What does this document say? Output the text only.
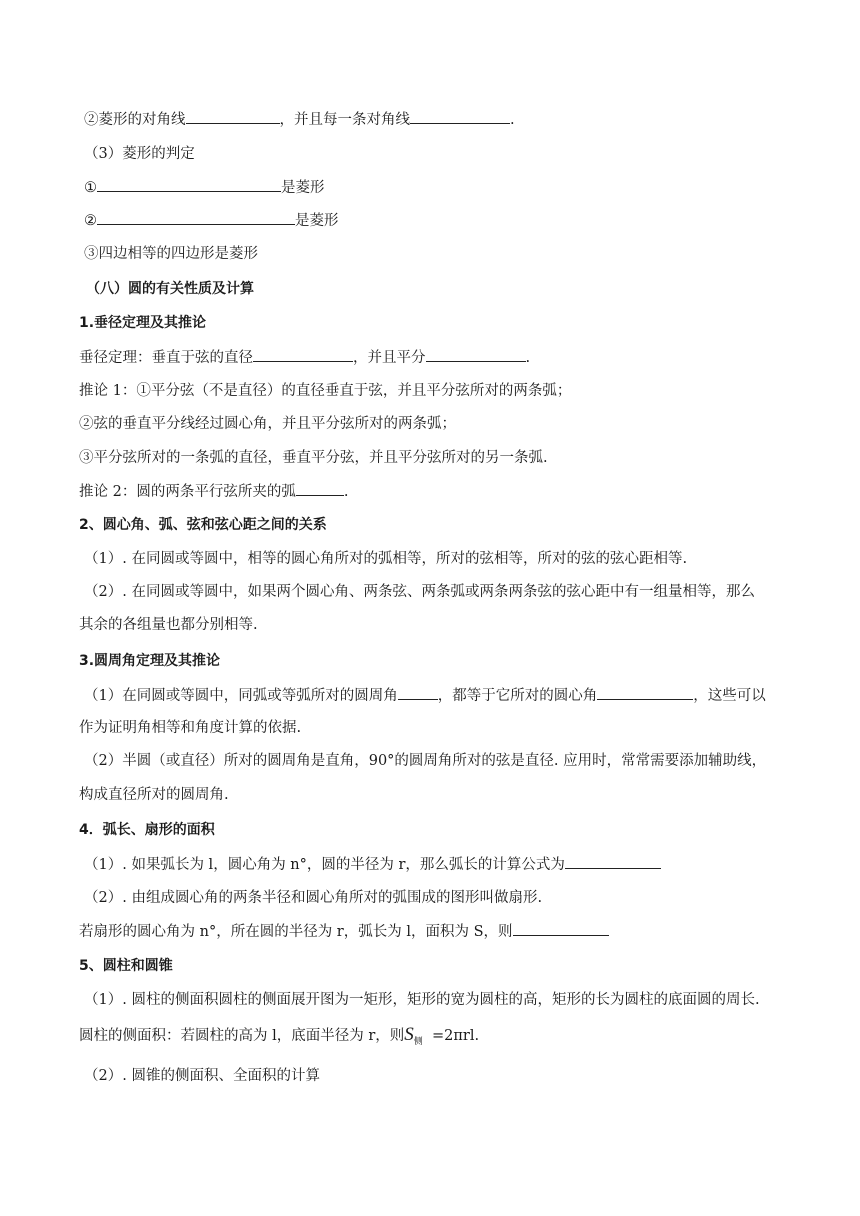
②菱形的对角线	，并且每一条对角线	.
（3）菱形的判定
①	是菱形
②	是菱形
③四边相等的四边形是菱形
（八）圆的有关性质及计算
1.垂径定理及其推论
垂径定理：垂直于弦的直径	，并且平分	.
推论 1：①平分弦（不是直径）的直径垂直于弦，并且平分弦所对的两条弧；
②弦的垂直平分线经过圆心角，并且平分弦所对的两条弧；
③平分弦所对的一条弧的直径，垂直平分弦，并且平分弦所对的另一条弧.
推论 2：圆的两条平行弦所夹的弧	.
2、圆心角、弧、弦和弦心距之间的关系
（1）. 在同圆或等圆中，相等的圆心角所对的弧相等，所对的弦相等，所对的弦的弦心距相等.
（2）. 在同圆或等圆中，如果两个圆心角、两条弦、两条弧或两条两条弦的弦心距中有一组量相等，那么
其余的各组量也都分别相等.
3.圆周角定理及其推论
（1）在同圆或等圆中，同弧或等弧所对的圆周角	，都等于它所对的圆心角	，这些可以
作为证明角相等和角度计算的依据.
（2）半圆（或直径）所对的圆周角是直角，90°的圆周角所对的弦是直径. 应用时，常常需要添加辅助线，
构成直径所对的圆周角.
4．弧长、扇形的面积
（1）. 如果弧长为 l，圆心角为 n°，圆的半径为 r，那么弧长的计算公式为
（2）. 由组成圆心角的两条半径和圆心角所对的弧围成的图形叫做扇形.
若扇形的圆心角为 n°，所在圆的半径为 r，弧长为 l，面积为 S，则
5、圆柱和圆锥
（1）. 圆柱的侧面积圆柱的侧面展开图为一矩形，矩形的宽为圆柱的高，矩形的长为圆柱的底面圆的周长.
圆柱的侧面积：若圆柱的高为 l，底面半径为 r，则$S_侧 =2\pi rl$.
（2）. 圆锥的侧面积、全面积的计算
